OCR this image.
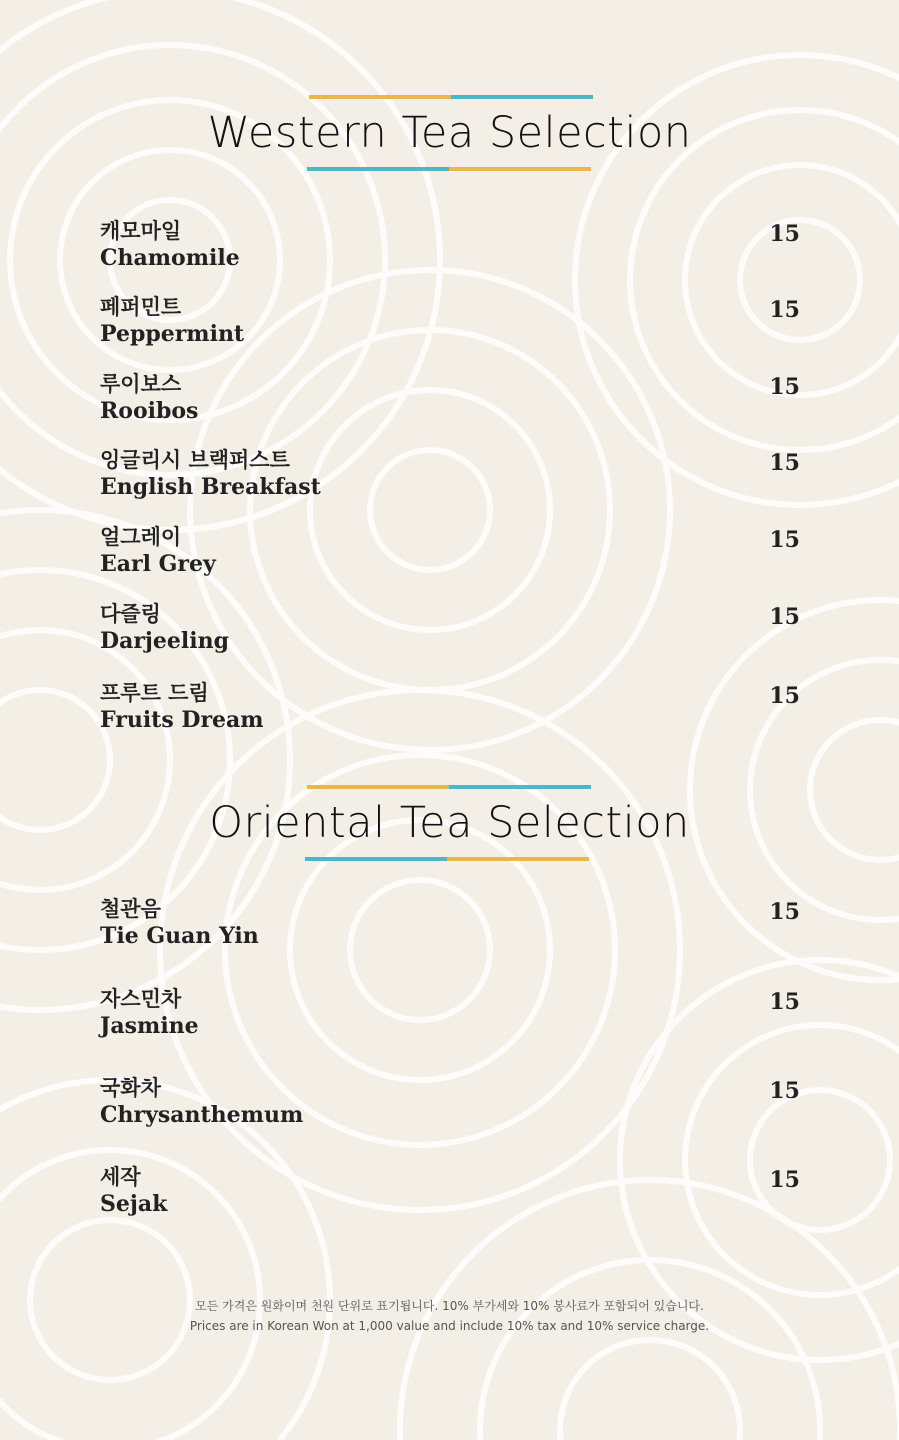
Western Tea Selection
캐모마일
Chamomile
15
페퍼민트
Peppermint
15
루이보스
Rooibos
15
잉글리시 브랙퍼스트
English Breakfast
15
얼그레이
Earl Grey
15
다즐링
Darjeeling
15
프루트 드림
Fruits Dream
15
Oriental Tea Selection
철관음
Tie Guan Yin
15
자스민차
Jasmine
15
국화차
Chrysanthemum
15
세작
Sejak
15
모든 가격은 원화이며 천원 단위로 표기됩니다. 10% 부가세와 10% 봉사료가 포함되어 있습니다.
Prices are in Korean Won at 1,000 value and include 10% tax and 10% service charge.
